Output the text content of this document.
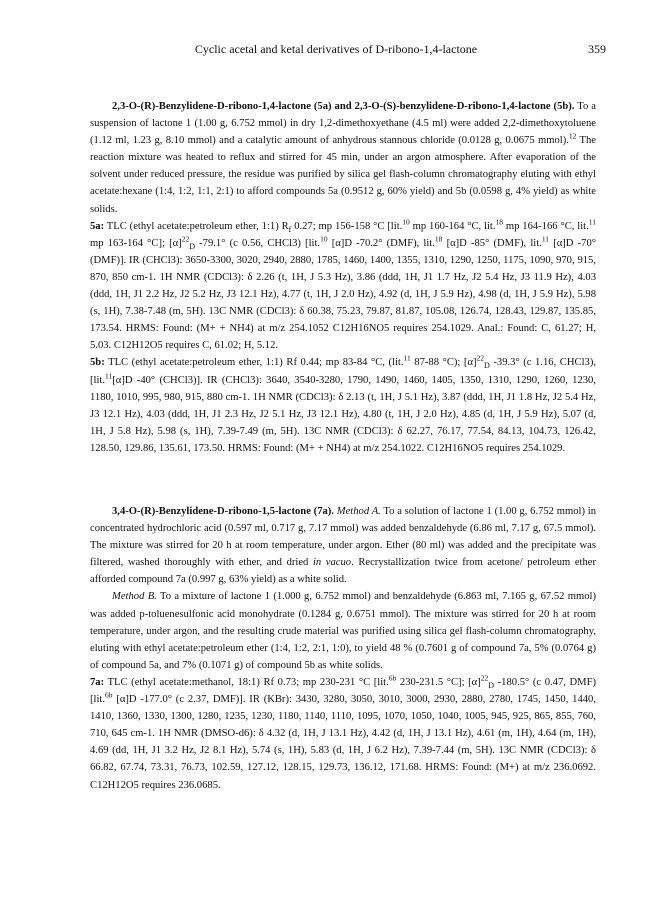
Cyclic acetal and ketal derivatives of D-ribono-1,4-lactone	359

2,3-O-(R)-Benzylidene-D-ribono-1,4-lactone (5a) and 2,3-O-(S)-benzylidene-D-ribono-1,4-lactone (5b). To a suspension of lactone 1 (1.00 g, 6.752 mmol) in dry 1,2-dimethoxyethane (4.5 ml) were added 2,2-dimethoxytoluene (1.12 ml, 1.23 g, 8.10 mmol) and a catalytic amount of anhydrous stannous chloride (0.0128 g, 0.0675 mmol).$^{12}$ The reaction mixture was heated to reflux and stirred for 45 min, under an argon atmosphere. After evaporation of the solvent under reduced pressure, the residue was purified by silica gel flash-column chromatography eluting with ethyl acetate:hexane (1:4, 1:2, 1:1, 2:1) to afford compounds 5a (0.9512 g, 60% yield) and 5b (0.0598 g, 4% yield) as white solids.

5a: TLC (ethyl acetate:petroleum ether, 1:1) $R_f$ 0.27; mp 156-158 °C [lit.$^{10}$ mp 160-164 °C, lit.$^{18}$ mp 164-166 °C, lit.$^{11}$ mp 163-164 °C]; $[\alpha]^{22}_D$ -79.1° (c 0.56, CHCl3) [lit.$^{10}$ [α]D -70.2° (DMF), lit.$^{18}$ [α]D -85° (DMF), lit.$^{11}$ [α]D -70° (DMF)]. IR (CHCl3): 3650-3300, 3020, 2940, 2880, 1785, 1460, 1400, 1355, 1310, 1290, 1250, 1175, 1090, 970, 915, 870, 850 cm-1. 1H NMR (CDCl3): δ 2.26 (t, 1H, J 5.3 Hz), 3.86 (ddd, 1H, J1 1.7 Hz, J2 5.4 Hz, J3 11.9 Hz), 4.03 (ddd, 1H, J1 2.2 Hz, J2 5.2 Hz, J3 12.1 Hz), 4.77 (t, 1H, J 2.0 Hz), 4.92 (d, 1H, J 5.9 Hz), 4.98 (d, 1H, J 5.9 Hz), 5.98 (s, 1H), 7.38-7.48 (m, 5H). 13C NMR (CDCl3): δ 60.38, 75.23, 79.87, 81.87, 105.08, 126.74, 128.43, 129.87, 135.85, 173.54. HRMS: Found: (M+ + NH4) at m/z 254.1052 C12H16NO5 requires 254.1029. Anal.: Found: C, 61.27; H, 5.03. C12H12O5 requires C, 61.02; H, 5.12.

5b: TLC (ethyl acetate:petroleum ether, 1:1) Rf 0.44; mp 83-84 °C, (lit.$^{11}$ 87-88 °C); $[\alpha]^{22}_D$ -39.3° (c 1.16, CHCl3), [lit.$^{11}$[α]D -40° (CHCl3)]. IR (CHCl3): 3640, 3540-3280, 1790, 1490, 1460, 1405, 1350, 1310, 1290, 1260, 1230, 1180, 1010, 995, 980, 915, 880 cm-1. 1H NMR (CDCl3): δ 2.13 (t, 1H, J 5.1 Hz), 3.87 (ddd, 1H, J1 1.8 Hz, J2 5.4 Hz, J3 12.1 Hz), 4.03 (ddd, 1H, J1 2.3 Hz, J2 5.1 Hz, J3 12.1 Hz), 4.80 (t, 1H, J 2.0 Hz), 4.85 (d, 1H, J 5.9 Hz), 5.07 (d, 1H, J 5.8 Hz), 5.98 (s, 1H), 7.39-7.49 (m, 5H). 13C NMR (CDCl3): δ 62.27, 76.17, 77.54, 84.13, 104.73, 126.42, 128.50, 129.86, 135.61, 173.50. HRMS: Found: (M+ + NH4) at m/z 254.1022. C12H16NO5 requires 254.1029.

3,4-O-(R)-Benzylidene-D-ribono-1,5-lactone (7a). Method A. To a solution of lactone 1 (1.00 g, 6.752 mmol) in concentrated hydrochloric acid (0.597 ml, 0.717 g, 7.17 mmol) was added benzaldehyde (6.86 ml, 7.17 g, 67.5 mmol). The mixture was stirred for 20 h at room temperature, under argon. Ether (80 ml) was added and the precipitate was filtered, washed thoroughly with ether, and dried in vacuo. Recrystallization twice from acetone/ petroleum ether afforded compound 7a (0.997 g, 63% yield) as a white solid.

Method B. To a mixture of lactone 1 (1.000 g, 6.752 mmol) and benzaldehyde (6.863 ml, 7.165 g, 67.52 mmol) was added p-toluenesulfonic acid monohydrate (0.1284 g, 0.6751 mmol). The mixture was stirred for 20 h at room temperature, under argon, and the resulting crude material was purified using silica gel flash-column chromatography, eluting with ethyl acetate:petroleum ether (1:4, 1:2, 2:1, 1:0), to yield 48 % (0.7601 g of compound 7a, 5% (0.0764 g) of compound 5a, and 7% (0.1071 g) of compound 5b as white solids.

7a: TLC (ethyl acetate:methanol, 18:1) Rf 0.73; mp 230-231 °C [lit.$^{6b}$ 230-231.5 °C]; $[\alpha]^{22}_D$ -180.5° (c 0.47, DMF) [lit.$^{6b}$ [α]D -177.0° (c 2.37, DMF)]. IR (KBr): 3430, 3280, 3050, 3010, 3000, 2930, 2880, 2780, 1745, 1450, 1440, 1410, 1360, 1330, 1300, 1280, 1235, 1230, 1180, 1140, 1110, 1095, 1070, 1050, 1040, 1005, 945, 925, 865, 855, 760, 710, 645 cm-1. 1H NMR (DMSO-d6): δ 4.32 (d, 1H, J 13.1 Hz), 4.42 (d, 1H, J 13.1 Hz), 4.61 (m, 1H), 4.64 (m, 1H), 4.69 (dd, 1H, J1 3.2 Hz, J2 8.1 Hz), 5.74 (s, 1H), 5.83 (d, 1H, J 6.2 Hz), 7.39-7.44 (m, 5H). 13C NMR (CDCl3): δ 66.82, 67.74, 73.31, 76.73, 102.59, 127.12, 128.15, 129.73, 136.12, 171.68. HRMS: Found: (M+) at m/z 236.0692. C12H12O5 requires 236.0685.
